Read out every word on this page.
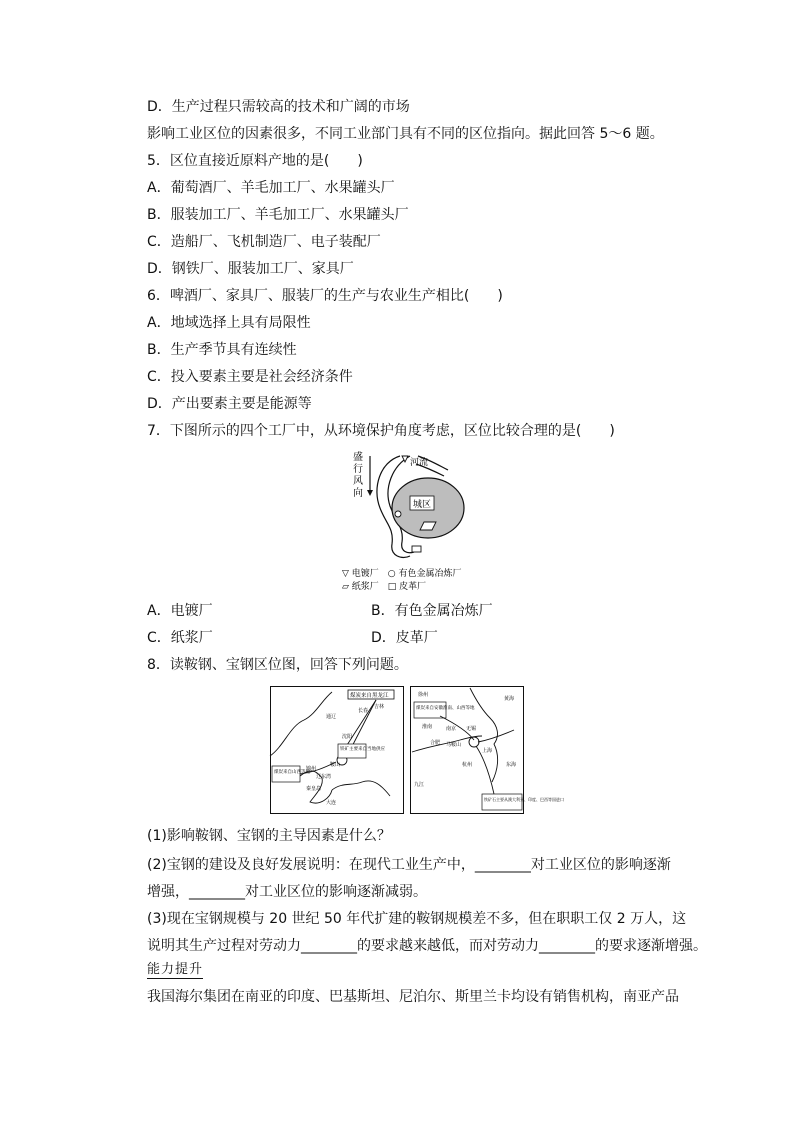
D．生产过程只需较高的技术和广阔的市场
影响工业区位的因素很多，不同工业部门具有不同的区位指向。据此回答 5～6 题。
5．区位直接近原料产地的是(　　)
A．葡萄酒厂、羊毛加工厂、水果罐头厂
B．服装加工厂、羊毛加工厂、水果罐头厂
C．造船厂、飞机制造厂、电子装配厂
D．钢铁厂、服装加工厂、家具厂
6．啤酒厂、家具厂、服装厂的生产与农业生产相比(　　)
A．地域选择上具有局限性
B．生产季节具有连续性
C．投入要素主要是社会经济条件
D．产出要素主要是能源等
7．下图所示的四个工厂中，从环境保护角度考虑，区位比较合理的是(　　)
盛
行
风
向
城区
河流
▽ 电镀厂　○ 有色金属冶炼厂
▱ 纸浆厂　□ 皮革厂
A．电镀厂	B．有色金属冶炼厂
C．纸浆厂	D．皮革厂
8．读鞍钢、宝钢区位图，回答下列问题。
煤炭来自黑龙江
铁矿主要来自当地供应
煤炭来自山西等地
吉林
长春
通辽
沈阳
鞍山
锦州
辽东湾
秦皇岛
大连
煤炭来自安徽淮南、山西等地
铁矿石主要从澳大利亚、印度、巴西等国进口
徐州
淮南
合肥
南京
马鞍山
无锡
上海
杭州
九江
黄海
东海
(1)影响鞍钢、宝钢的主导因素是什么？
(2)宝钢的建设及良好发展说明：在现代工业生产中，________对工业区位的影响逐渐
增强，________对工业区位的影响逐渐减弱。
(3)现在宝钢规模与 20 世纪 50 年代扩建的鞍钢规模差不多，但在职职工仅 2 万人，这
说明其生产过程对劳动力________的要求越来越低，而对劳动力________的要求逐渐增强。
能力提升
我国海尔集团在南亚的印度、巴基斯坦、尼泊尔、斯里兰卡均设有销售机构，南亚产品
